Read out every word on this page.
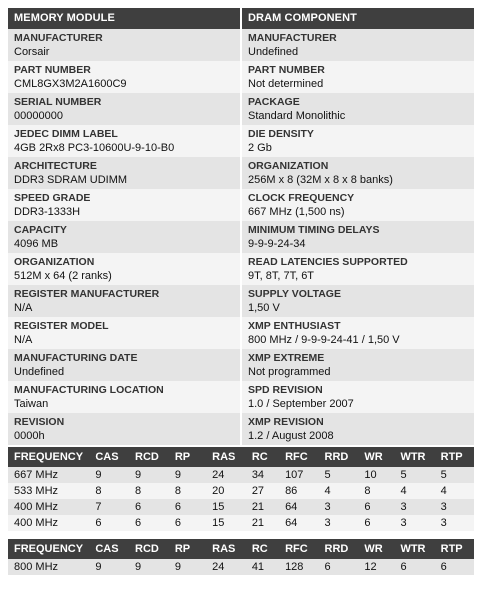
MEMORY MODULE
MANUFACTURER
Corsair
PART NUMBER
CML8GX3M2A1600C9
SERIAL NUMBER
00000000
JEDEC DIMM LABEL
4GB 2Rx8 PC3-10600U-9-10-B0
ARCHITECTURE
DDR3 SDRAM UDIMM
SPEED GRADE
DDR3-1333H
CAPACITY
4096 MB
ORGANIZATION
512M x 64 (2 ranks)
REGISTER MANUFACTURER
N/A
REGISTER MODEL
N/A
MANUFACTURING DATE
Undefined
MANUFACTURING LOCATION
Taiwan
REVISION
0000h
DRAM COMPONENT
MANUFACTURER
Undefined
PART NUMBER
Not determined
PACKAGE
Standard Monolithic
DIE DENSITY
2 Gb
ORGANIZATION
256M x 8 (32M x 8 x 8 banks)
CLOCK FREQUENCY
667 MHz (1,500 ns)
MINIMUM TIMING DELAYS
9-9-9-24-34
READ LATENCIES SUPPORTED
9T, 8T, 7T, 6T
SUPPLY VOLTAGE
1,50 V
XMP ENTHUSIAST
800 MHz / 9-9-9-24-41 / 1,50 V
XMP EXTREME
Not programmed
SPD REVISION
1.0 / September 2007
XMP REVISION
1.2 / August 2008
FREQUENCY	CAS	RCD	RP	RAS	RC	RFC	RRD	WR	WTR	RTP
667 MHz	9	9	9	24	34	107	5	10	5	5
533 MHz	8	8	8	20	27	86	4	8	4	4
400 MHz	7	6	6	15	21	64	3	6	3	3
400 MHz	6	6	6	15	21	64	3	6	3	3
FREQUENCY	CAS	RCD	RP	RAS	RC	RFC	RRD	WR	WTR	RTP
800 MHz	9	9	9	24	41	128	6	12	6	6
